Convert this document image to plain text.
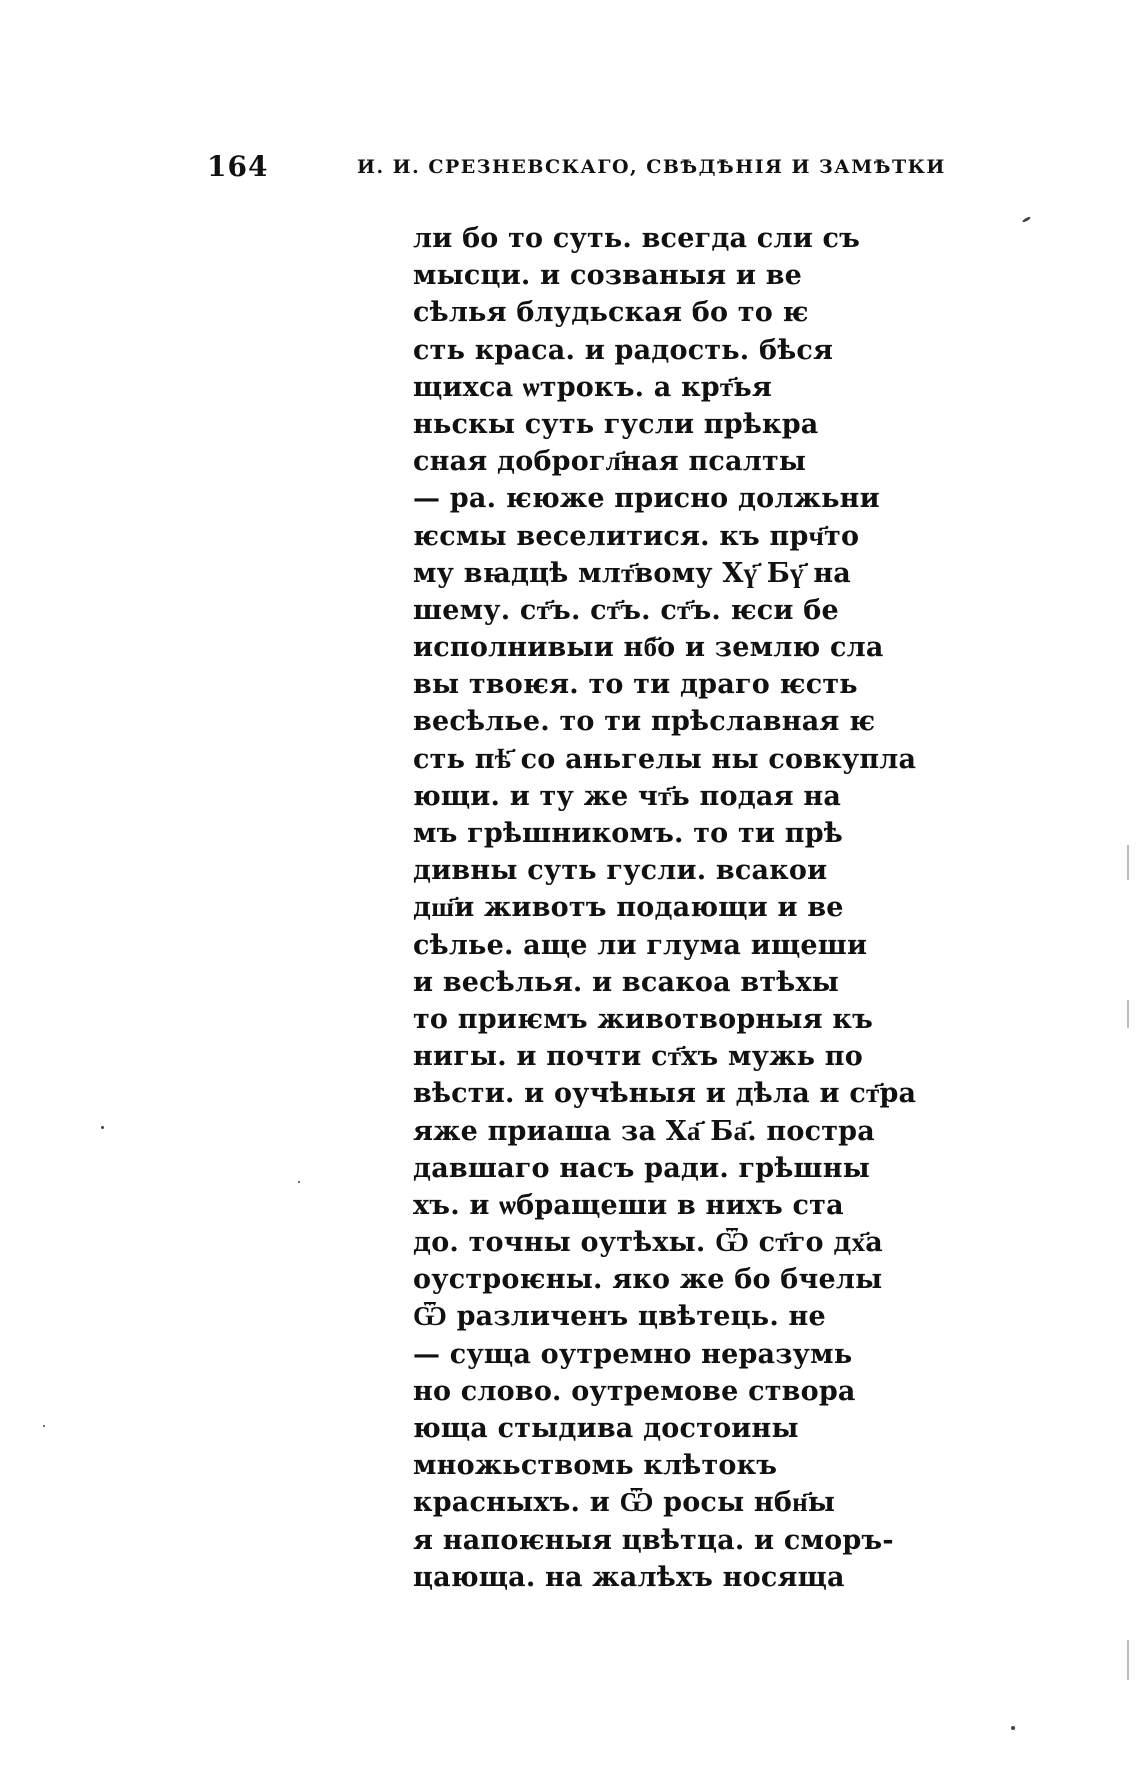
164	И. И. СРЕЗНЕВСКАГО, СВѢДѢНІЯ И ЗАМѢТКИ
ли бо то суть. всегда сли съ
мысци. и созваныя и ве
сѣлья блудьская бо то ѥ
сть краса. и радость. бѣся
щихса ѡтрокъ. а крт҃ья
ньскы суть гусли прѣкра
сная доброгл҃ная псалты
— ра. ѥюже присно должьни
ѥсмы веселитися. къ прч҃то
му вꙗдцѣ млт҃вому Хү҃ Бү҃ на
шему. ст҃ъ. ст҃ъ. ст҃ъ. ѥси бе
исполнивыи нб҃о и землю сла
вы твоѥя. то ти драго ѥсть
весѣлье. то ти прѣславная ѥ
сть пѣ҃ со аньгелы ны совкупла
ющи. и ту же чт҃ь подая на
мъ грѣшникомъ. то ти прѣ
дивны суть гусли. всакои
дш҃и животъ подающи и ве
сѣлье. аще ли глума ищеши
и весѣлья. и всакоа втѣхы
то приѥмъ животворныя къ
нигы. и почти ст҃хъ мужь по
вѣсти. и оучѣныя и дѣла и ст҃ра
яже приаша за Ха҃ Ба҃. постра
давшаго насъ ради. грѣшны
хъ. и ѡбращеши в нихъ ста
до. точны оутѣхы. Ѿ ст҃го дх҃а
оустроѥны. яко же бо бчелы
Ѿ различенъ цвѣтець. не
— суща оутремно неразумь
но слово. оутремове створа
юща стыдива достоины
множьствомь клѣтокъ
красныхъ. и Ѿ росы нбн҃ы
я напоѥныя цвѣтца. и сморъ-
цающа. на жалѣхъ носяща
